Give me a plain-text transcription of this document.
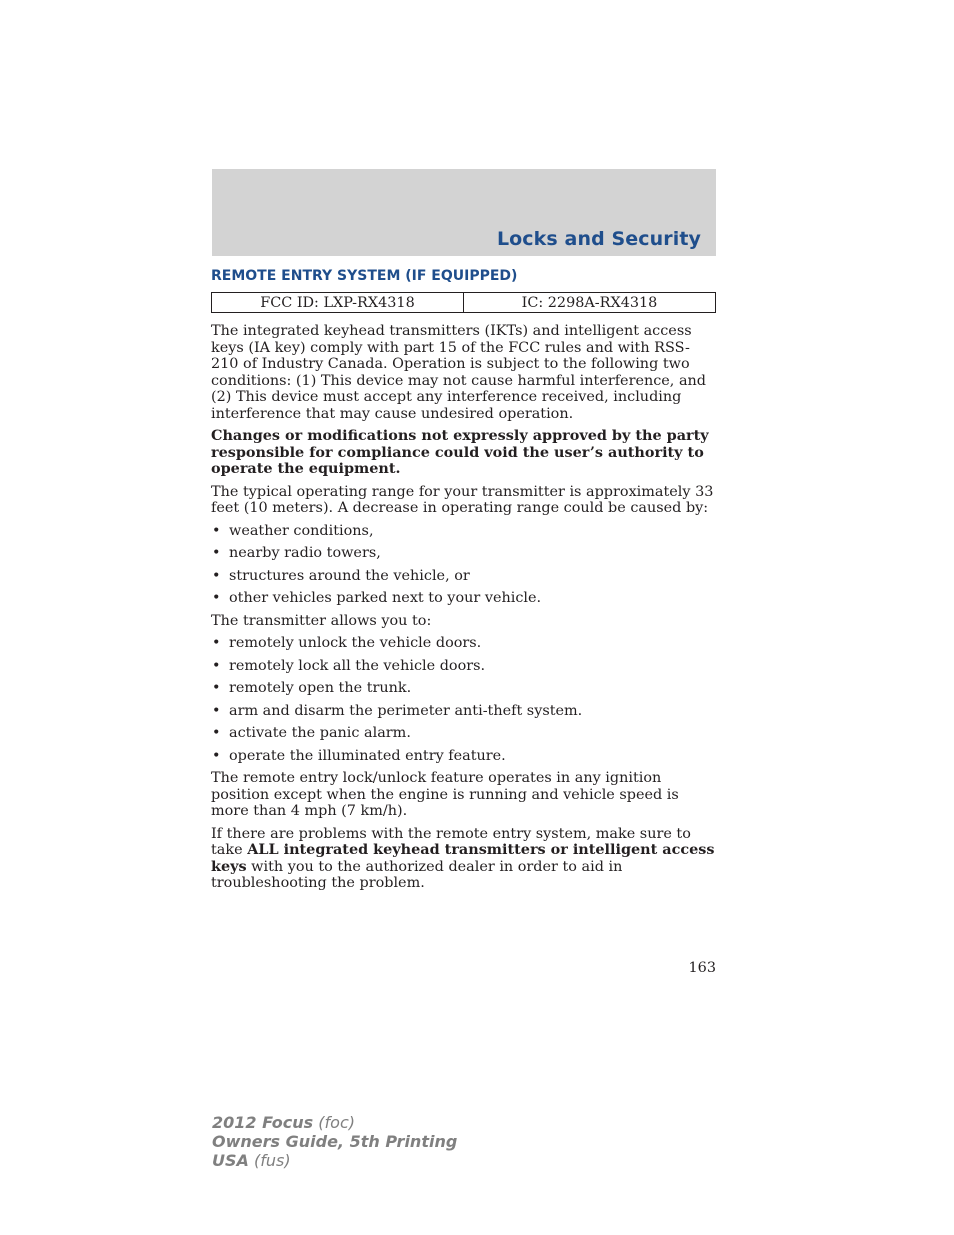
Locks and Security
REMOTE ENTRY SYSTEM (IF EQUIPPED)
FCC ID: LXP-RX4318	IC: 2298A-RX4318

The integrated keyhead transmitters (IKTs) and intelligent access keys (IA key) comply with part 15 of the FCC rules and with RSS-210 of Industry Canada. Operation is subject to the following two conditions: (1) This device may not cause harmful interference, and (2) This device must accept any interference received, including interference that may cause undesired operation.

Changes or modifications not expressly approved by the party responsible for compliance could void the user’s authority to operate the equipment.

The typical operating range for your transmitter is approximately 33 feet (10 meters). A decrease in operating range could be caused by:

• weather conditions,
• nearby radio towers,
• structures around the vehicle, or
• other vehicles parked next to your vehicle.

The transmitter allows you to:

• remotely unlock the vehicle doors.
• remotely lock all the vehicle doors.
• remotely open the trunk.
• arm and disarm the perimeter anti-theft system.
• activate the panic alarm.
• operate the illuminated entry feature.

The remote entry lock/unlock feature operates in any ignition position except when the engine is running and vehicle speed is more than 4 mph (7 km/h).

If there are problems with the remote entry system, make sure to take ALL integrated keyhead transmitters or intelligent access keys with you to the authorized dealer in order to aid in troubleshooting the problem.

163
2012 Focus (foc)
Owners Guide, 5th Printing
USA (fus)
